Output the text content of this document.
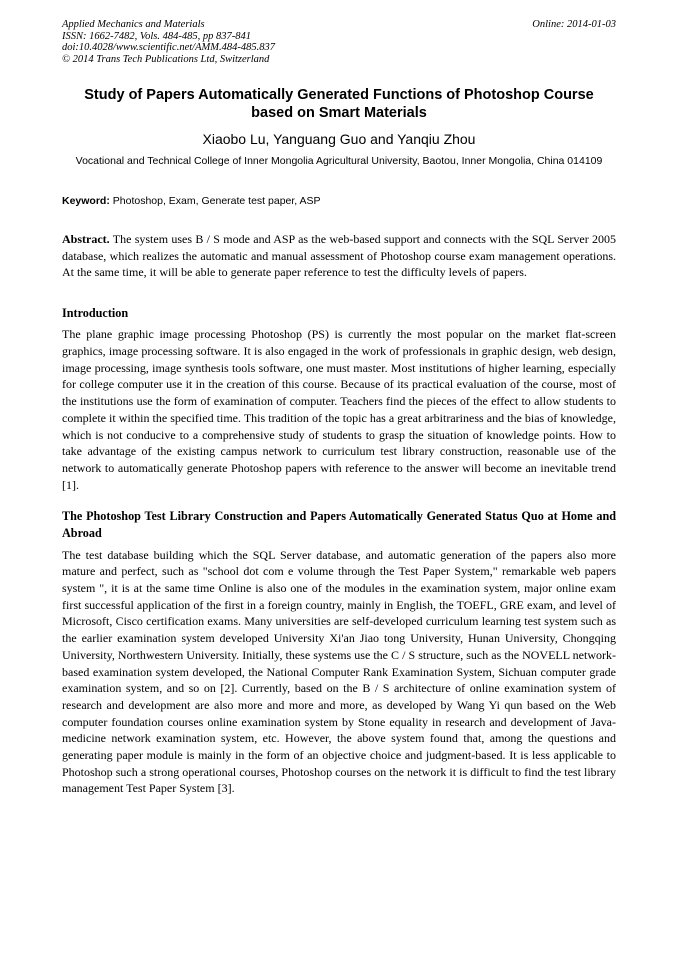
Applied Mechanics and Materials
ISSN: 1662-7482, Vols. 484-485, pp 837-841
doi:10.4028/www.scientific.net/AMM.484-485.837
© 2014 Trans Tech Publications Ltd, Switzerland
Online: 2014-01-03
Study of Papers Automatically Generated Functions of Photoshop Course based on Smart Materials
Xiaobo Lu, Yanguang Guo and Yanqiu Zhou
Vocational and Technical College of Inner Mongolia Agricultural University, Baotou, Inner Mongolia, China 014109
Keyword: Photoshop, Exam, Generate test paper, ASP
Abstract. The system uses B / S mode and ASP as the web-based support and connects with the SQL Server 2005 database, which realizes the automatic and manual assessment of Photoshop course exam management operations. At the same time, it will be able to generate paper reference to test the difficulty levels of papers.
Introduction
The plane graphic image processing Photoshop (PS) is currently the most popular on the market flat-screen graphics, image processing software. It is also engaged in the work of professionals in graphic design, web design, image processing, image synthesis tools software, one must master. Most institutions of higher learning, especially for college computer use it in the creation of this course. Because of its practical evaluation of the course, most of the institutions use the form of examination of computer. Teachers find the pieces of the effect to allow students to complete it within the specified time. This tradition of the topic has a great arbitrariness and the bias of knowledge, which is not conducive to a comprehensive study of students to grasp the situation of knowledge points. How to take advantage of the existing campus network to curriculum test library construction, reasonable use of the network to automatically generate Photoshop papers with reference to the answer will become an inevitable trend [1].
The Photoshop Test Library Construction and Papers Automatically Generated Status Quo at Home and Abroad
The test database building which the SQL Server database, and automatic generation of the papers also more mature and perfect, such as "school dot com e volume through the Test Paper System," remarkable web papers system ", it is at the same time Online is also one of the modules in the examination system, major online exam first successful application of the first in a foreign country, mainly in English, the TOEFL, GRE exam, and level of Microsoft, Cisco certification exams. Many universities are self-developed curriculum learning test system such as the earlier examination system developed University Xi'an Jiao tong University, Hunan University, Chongqing University, Northwestern University. Initially, these systems use the C / S structure, such as the NOVELL network-based examination system developed, the National Computer Rank Examination System, Sichuan computer grade examination system, and so on [2]. Currently, based on the B / S architecture of online examination system of research and development are also more and more and more, as developed by Wang Yi qun based on the Web computer foundation courses online examination system by Stone equality in research and development of Java-medicine network examination system, etc. However, the above system found that, among the questions and generating paper module is mainly in the form of an objective choice and judgment-based. It is less applicable to Photoshop such a strong operational courses, Photoshop courses on the network it is difficult to find the test library management Test Paper System [3].
